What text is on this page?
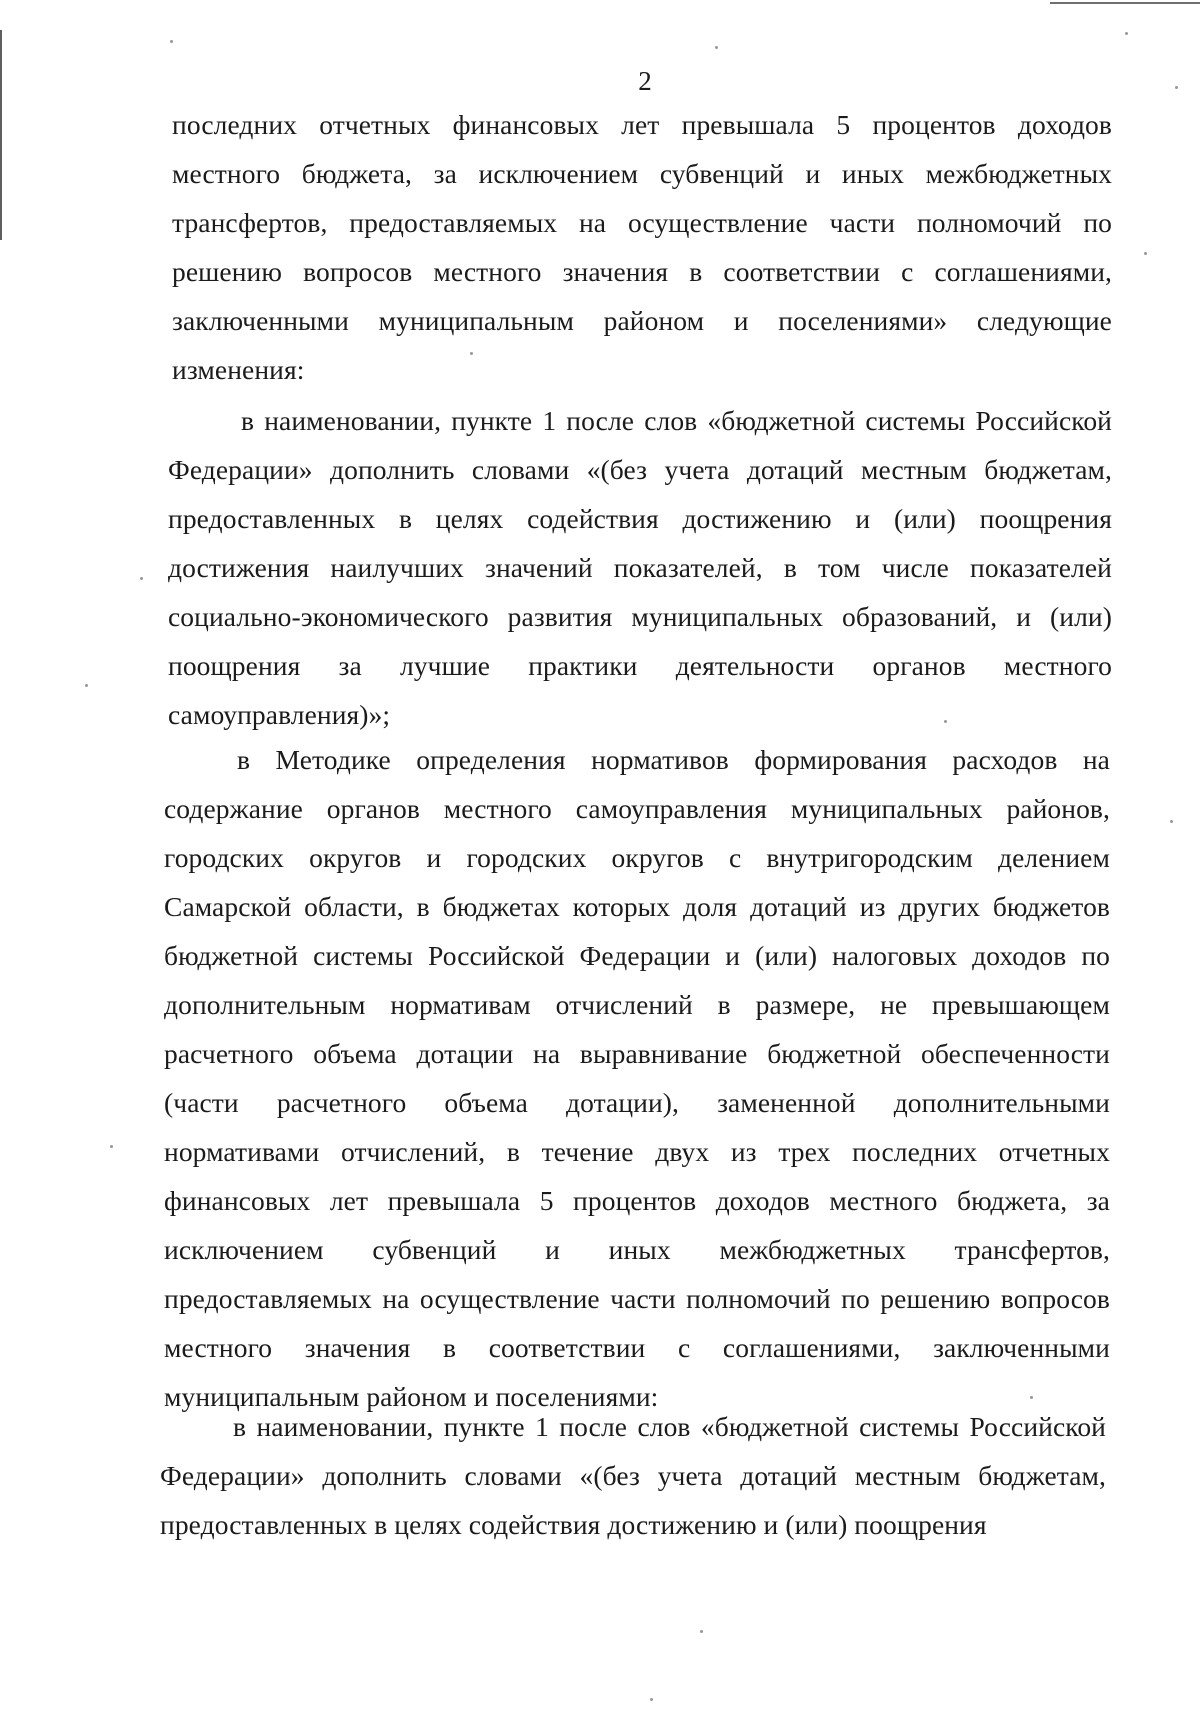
2

последних отчетных финансовых лет превышала 5 процентов доходов местного бюджета, за исключением субвенций и иных межбюджетных трансфертов, предоставляемых на осуществление части полномочий по решению вопросов местного значения в соответствии с соглашениями, заключенными муниципальным районом и поселениями» следующие изменения:

в наименовании, пункте 1 после слов «бюджетной системы Российской Федерации» дополнить словами «(без учета дотаций местным бюджетам, предоставленных в целях содействия достижению и (или) поощрения достижения наилучших значений показателей, в том числе показателей социально-экономического развития муниципальных образований, и (или) поощрения за лучшие практики деятельности органов местного самоуправления)»;

в Методике определения нормативов формирования расходов на содержание органов местного самоуправления муниципальных районов, городских округов и городских округов с внутригородским делением Самарской области, в бюджетах которых доля дотаций из других бюджетов бюджетной системы Российской Федерации и (или) налоговых доходов по дополнительным нормативам отчислений в размере, не превышающем расчетного объема дотации на выравнивание бюджетной обеспеченности (части расчетного объема дотации), замененной дополнительными нормативами отчислений, в течение двух из трех последних отчетных финансовых лет превышала 5 процентов доходов местного бюджета, за исключением субвенций и иных межбюджетных трансфертов, предоставляемых на осуществление части полномочий по решению вопросов местного значения в соответствии с соглашениями, заключенными муниципальным районом и поселениями:

в наименовании, пункте 1 после слов «бюджетной системы Российской Федерации» дополнить словами «(без учета дотаций местным бюджетам, предоставленных в целях содействия достижению и (или) поощрения
